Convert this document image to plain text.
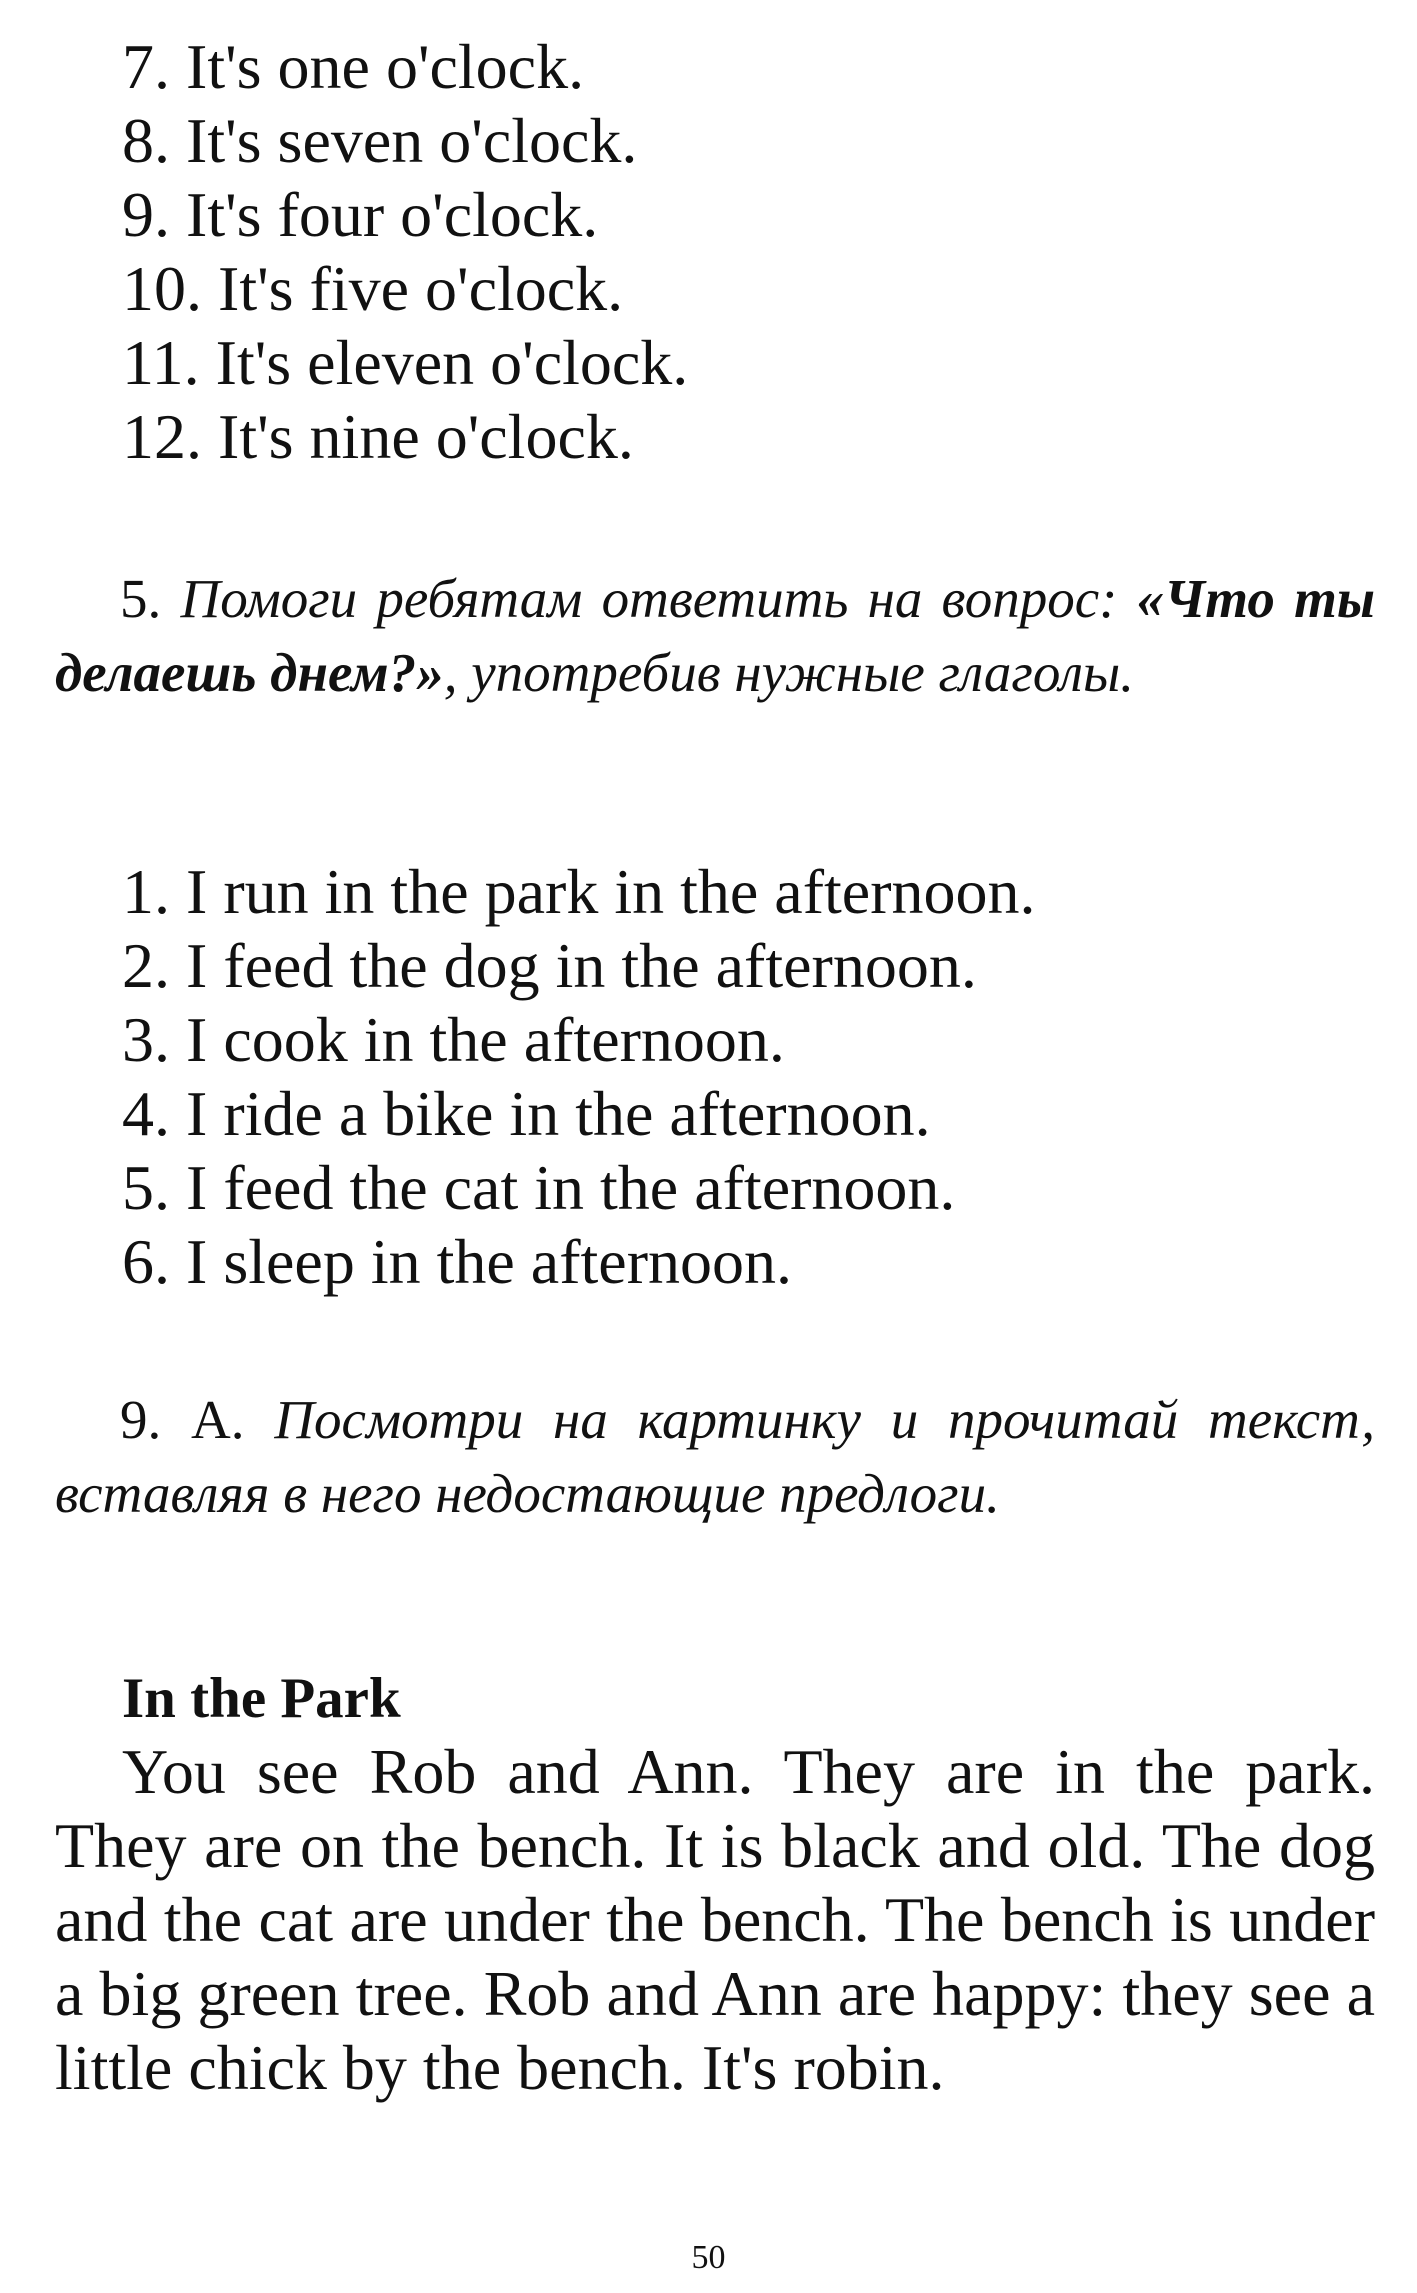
7. It's one o'clock.
8. It's seven o'clock.
9. It's four o'clock.
10. It's five o'clock.
11. It's eleven o'clock.
12. It's nine o'clock.

5. Помоги ребятам ответить на вопрос: «Что ты делаешь днем?», употребив нужные глаголы.

1. I run in the park in the afternoon.
2. I feed the dog in the afternoon.
3. I cook in the afternoon.
4. I ride a bike in the afternoon.
5. I feed the cat in the afternoon.
6. I sleep in the afternoon.

9. А. Посмотри на картинку и прочитай текст, вставляя в него недостающие предлоги.

In the Park

You see Rob and Ann. They are in the park. They are on the bench. It is black and old. The dog and the cat are under the bench. The bench is under a big green tree. Rob and Ann are happy: they see a little chick by the bench. It's robin.

50
